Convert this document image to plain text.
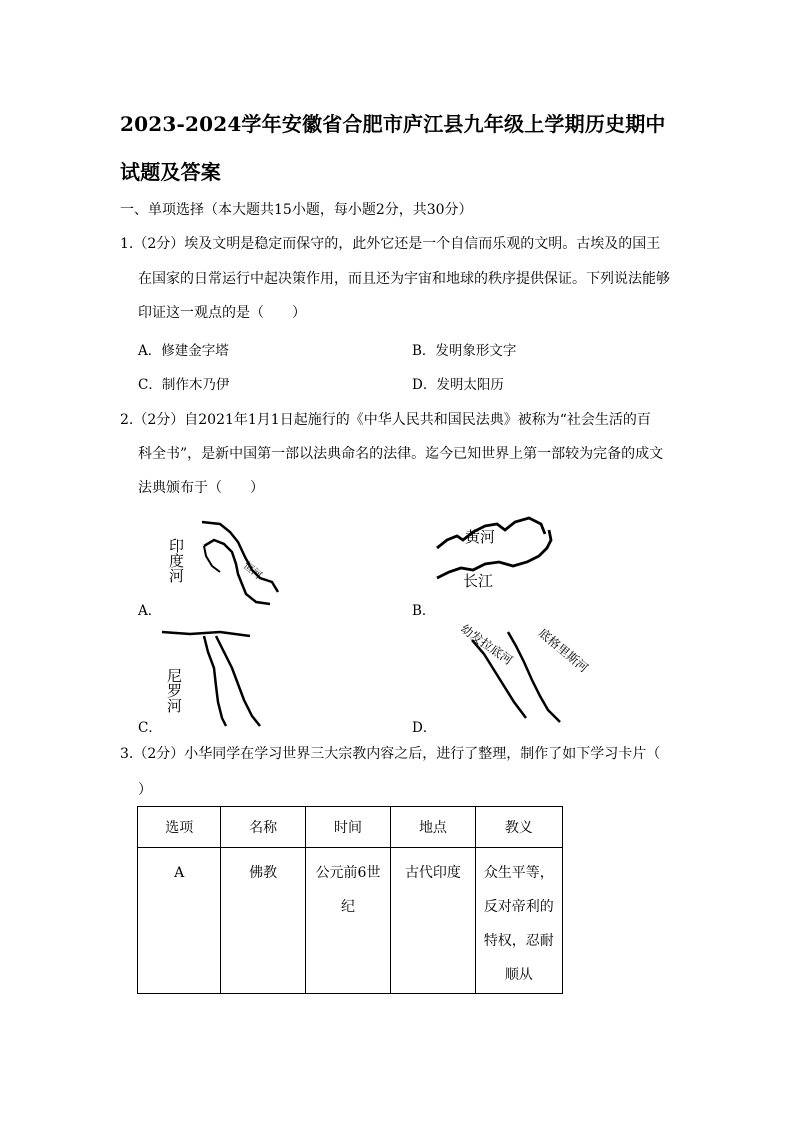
2023-2024学年安徽省合肥市庐江县九年级上学期历史期中
试题及答案
一、单项选择（本大题共15小题，每小题2分，共30分）
1.（2分）埃及文明是稳定而保守的，此外它还是一个自信而乐观的文明。古埃及的国王
在国家的日常运行中起决策作用，而且还为宇宙和地球的秩序提供保证。下列说法能够
印证这一观点的是（　　）
A．修建金字塔	B．发明象形文字
C．制作木乃伊	D．发明太阳历
2.（2分）自2021年1月1日起施行的《中华人民共和国民法典》被称为“社会生活的百
科全书”，是新中国第一部以法典命名的法律。迄今已知世界上第一部较为完备的成文
法典颁布于（　　）
印度河	恒河
A．
黄河
长江
B．
尼罗河
C．
幼发拉底河 底格里斯河
D．
3.（2分）小华同学在学习世界三大宗教内容之后，进行了整理，制作了如下学习卡片（
）
选项	名称	时间	地点	教义
A	佛教	公元前6世纪	古代印度	众生平等，反对帝利的特权，忍耐顺从
